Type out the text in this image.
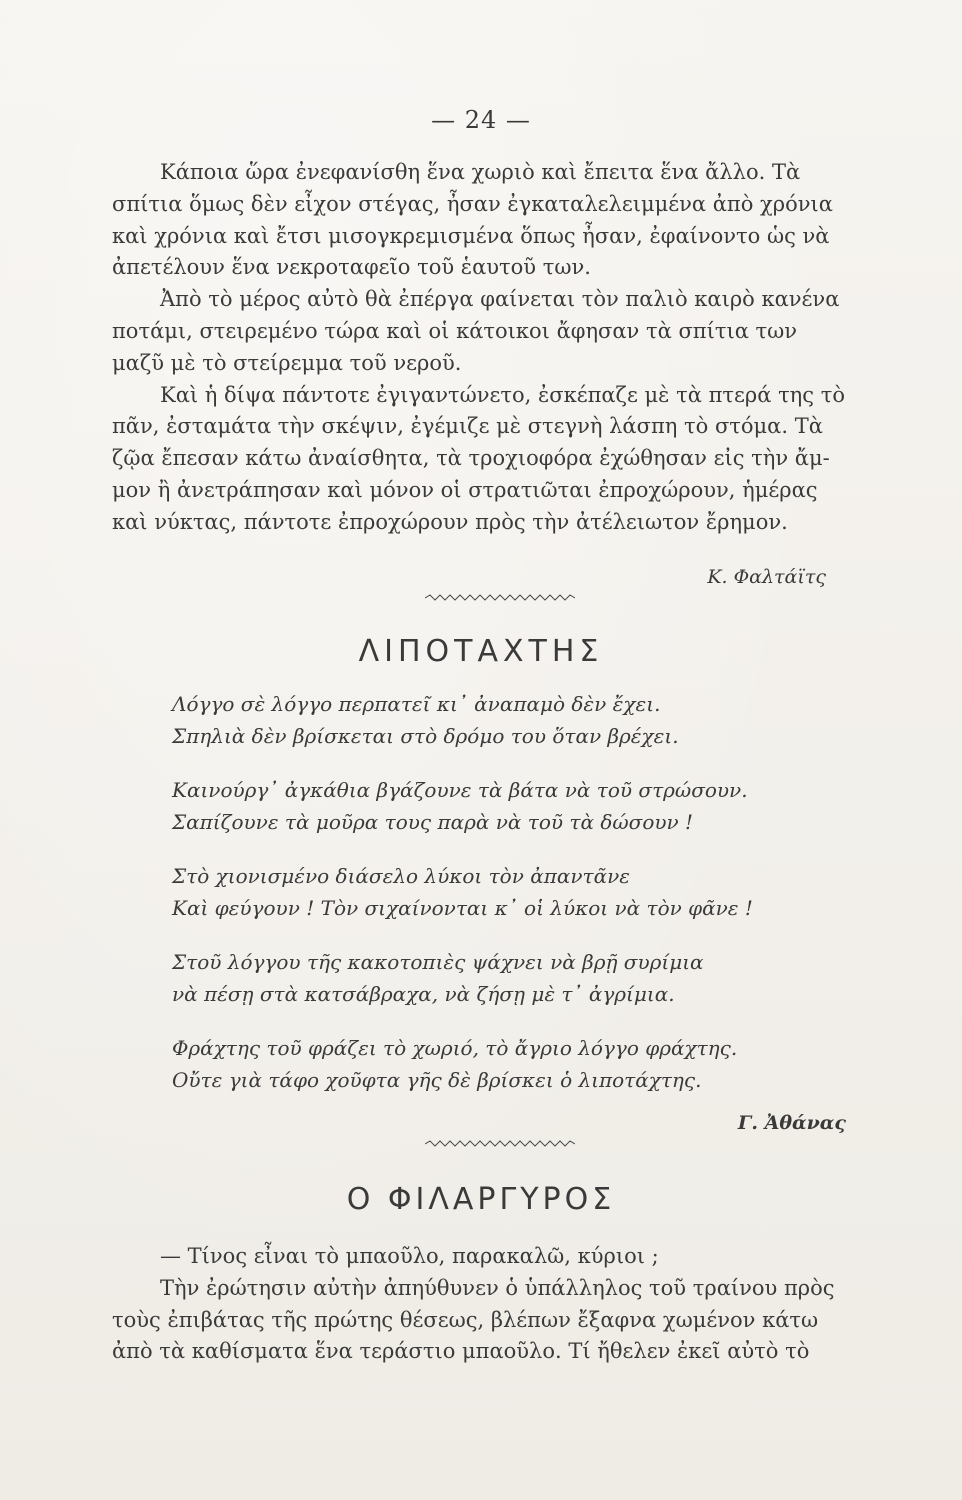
— 24 —
Κάποια ὥρα ἐνεφανίσθη ἕνα χωριὸ καὶ ἔπειτα ἕνα ἄλλο. Τὰ
σπίτια ὅμως δὲν εἶχον στέγας, ἦσαν ἐγκαταλελειμμένα ἀπὸ χρόνια
καὶ χρόνια καὶ ἔτσι μισογκρεμισμένα ὅπως ἦσαν, ἐφαίνοντο ὡς νὰ
ἀπετέλουν ἕνα νεκροταφεῖο τοῦ ἑαυτοῦ των.
Ἀπὸ τὸ μέρος αὐτὸ θὰ ἐπέργα φαίνεται τὸν παλιὸ καιρὸ κανένα
ποτάμι, στειρεμένο τώρα καὶ οἱ κάτοικοι ἄφησαν τὰ σπίτια των
μαζῦ μὲ τὸ στείρεμμα τοῦ νεροῦ.
Καὶ ἡ δίψα πάντοτε ἐγιγαντώνετο, ἐσκέπαζε μὲ τὰ πτερά της τὸ
πᾶν, ἐσταμάτα τὴν σκέψιν, ἐγέμιζε μὲ στεγνὴ λάσπη τὸ στόμα. Τὰ
ζῷα ἔπεσαν κάτω ἀναίσθητα, τὰ τροχιοφόρα ἐχώθησαν εἰς τὴν ἄμ-
μον ἢ ἀνετράπησαν καὶ μόνον οἱ στρατιῶται ἐπροχώρουν, ἡμέρας
καὶ νύκτας, πάντοτε ἐπροχώρουν πρὸς τὴν ἀτέλειωτον ἔρημον.
Κ. Φαλτάϊτς
ΛΙΠΟΤΑΧΤΗΣ
Λόγγο σὲ λόγγο περπατεῖ κι᾽ ἀναπαμὸ δὲν ἔχει.
Σπηλιὰ δὲν βρίσκεται στὸ δρόμο του ὅταν βρέχει.
Καινούργ᾽ ἀγκάθια βγάζουνε τὰ βάτα νὰ τοῦ στρώσουν.
Σαπίζουνε τὰ μοῦρα τους παρὰ νὰ τοῦ τὰ δώσουν !
Στὸ χιονισμένο διάσελο λύκοι τὸν ἀπαντᾶνε
Καὶ φεύγουν ! Τὸν σιχαίνονται κ᾽ οἱ λύκοι νὰ τὸν φᾶνε !
Στοῦ λόγγου τῆς κακοτοπιὲς ψάχνει νὰ βρῇ συρίμια
νὰ πέσῃ στὰ κατσάβραχα, νὰ ζήσῃ μὲ τ᾽ ἀγρίμια.
Φράχτης τοῦ φράζει τὸ χωριό, τὸ ἄγριο λόγγο φράχτης.
Οὔτε γιὰ τάφο χοῦφτα γῆς δὲ βρίσκει ὁ λιποτάχτης.
Γ. Ἀθάνας
Ο ΦΙΛΑΡΓΥΡΟΣ
— Τίνος εἶναι τὸ μπαοῦλο, παρακαλῶ, κύριοι ;
Τὴν ἐρώτησιν αὐτὴν ἀπηύθυνεν ὁ ὑπάλληλος τοῦ τραίνου πρὸς
τοὺς ἐπιβάτας τῆς πρώτης θέσεως, βλέπων ἔξαφνα χωμένον κάτω
ἀπὸ τὰ καθίσματα ἕνα τεράστιο μπαοῦλο. Τί ἤθελεν ἐκεῖ αὐτὸ τὸ
